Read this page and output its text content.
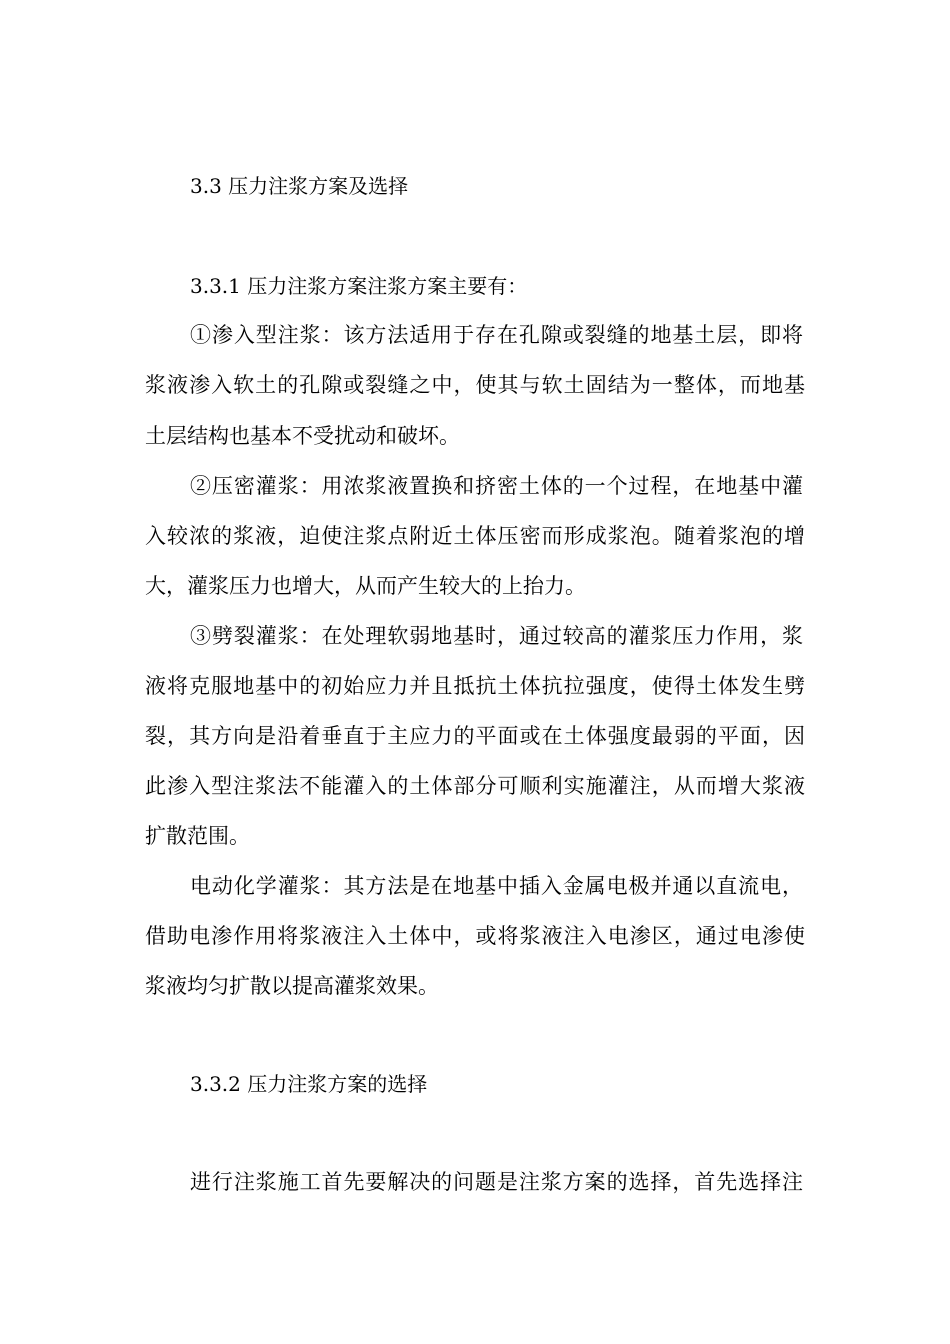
3.3 压力注浆方案及选择
3.3.1 压力注浆方案注浆方案主要有：
①渗入型注浆：该方法适用于存在孔隙或裂缝的地基土层，即将
浆液渗入软土的孔隙或裂缝之中，使其与软土固结为一整体，而地基
土层结构也基本不受扰动和破坏。
②压密灌浆：用浓浆液置换和挤密土体的一个过程，在地基中灌
入较浓的浆液，迫使注浆点附近土体压密而形成浆泡。随着浆泡的增
大，灌浆压力也增大，从而产生较大的上抬力。
③劈裂灌浆：在处理软弱地基时，通过较高的灌浆压力作用，浆
液将克服地基中的初始应力并且抵抗土体抗拉强度，使得土体发生劈
裂，其方向是沿着垂直于主应力的平面或在土体强度最弱的平面，因
此渗入型注浆法不能灌入的土体部分可顺利实施灌注，从而增大浆液
扩散范围。
电动化学灌浆：其方法是在地基中插入金属电极并通以直流电，
借助电渗作用将浆液注入土体中，或将浆液注入电渗区，通过电渗使
浆液均匀扩散以提高灌浆效果。
3.3.2 压力注浆方案的选择
进行注浆施工首先要解决的问题是注浆方案的选择，首先选择注
